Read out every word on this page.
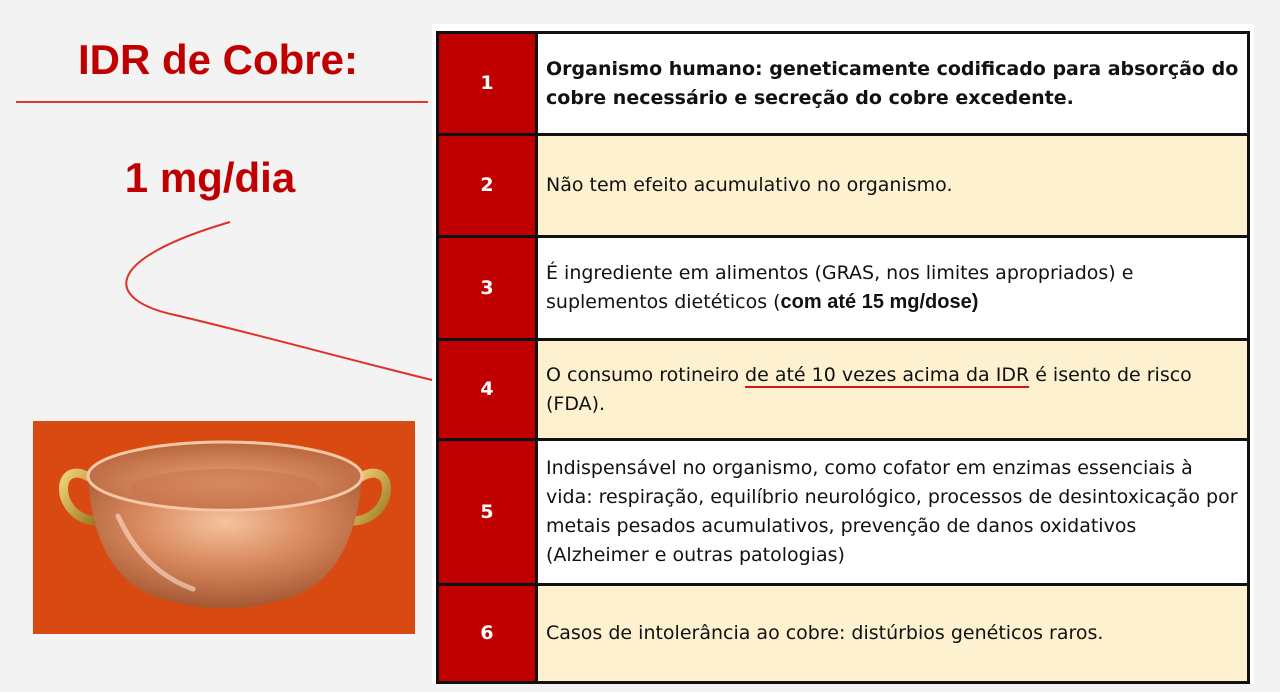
IDR de Cobre:
1 mg/dia
1	Organismo humano: geneticamente codificado para absorção do cobre necessário e secreção do cobre excedente.
2	Não tem efeito acumulativo no organismo.
3	É ingrediente em alimentos (GRAS, nos limites apropriados) e suplementos dietéticos (com até 15 mg/dose)
4	O consumo rotineiro de até 10 vezes acima da IDR é isento de risco (FDA).
5	Indispensável no organismo, como cofator em enzimas essenciais à vida: respiração, equilíbrio neurológico, processos de desintoxicação por metais pesados acumulativos, prevenção de danos oxidativos (Alzheimer e outras patologias)
6	Casos de intolerância ao cobre: distúrbios genéticos raros.
